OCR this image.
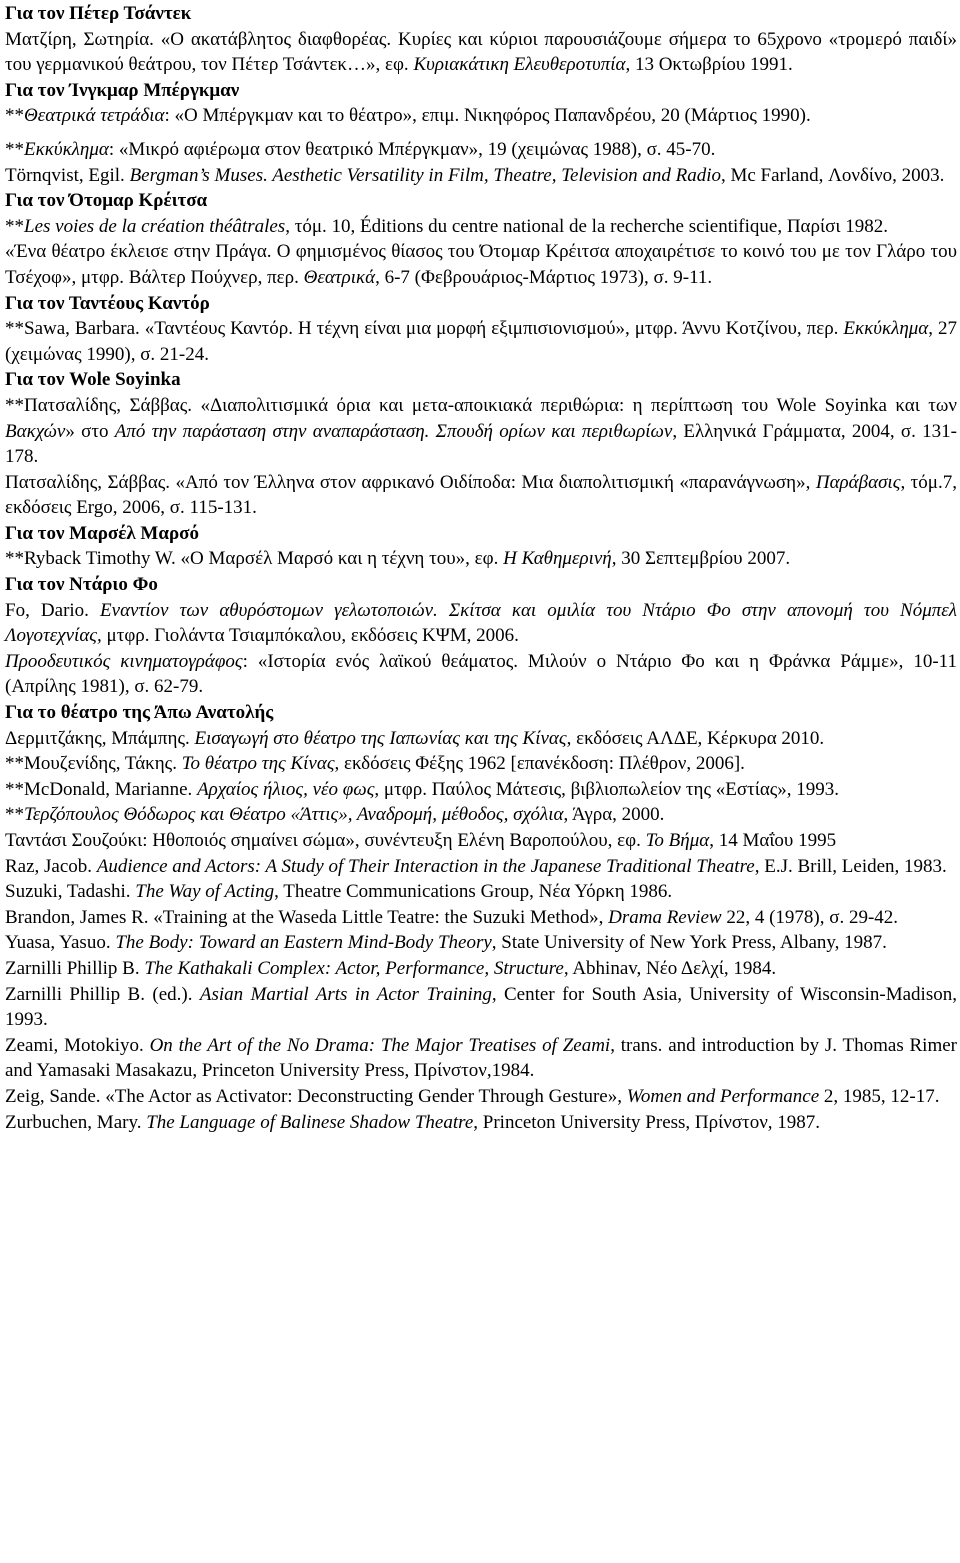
Για τον Πέτερ Τσάντεκ

Ματζίρη, Σωτηρία. «Ο ακατάβλητος διαφθορέας. Κυρίες και κύριοι παρουσιάζουμε σήμερα το 65χρονο «τρομερό παιδί» του γερμανικού θεάτρου, τον Πέτερ Τσάντεκ…», εφ. Κυριακάτικη Ελευθεροτυπία, 13 Οκτωβρίου 1991.

Για τον Ίνγκμαρ Μπέργκμαν

**Θεατρικά τετράδια: «Ο Μπέργκμαν και το θέατρο», επιμ. Νικηφόρος Παπανδρέου, 20 (Μάρτιος 1990).

**Εκκύκλημα: «Μικρό αφιέρωμα στον θεατρικό Μπέργκμαν», 19 (χειμώνας 1988), σ. 45-70.

Törnqvist, Egil. Bergman’s Muses. Aesthetic Versatility in Film, Theatre, Television and Radio, Mc Farland, Λονδίνο, 2003.

Για τον Ότομαρ Κρέιτσα

**Les voies de la création théâtrales, τόμ. 10, Éditions du centre national de la recherche scientifique, Παρίσι 1982.

«Ένα θέατρο έκλεισε στην Πράγα. Ο φημισμένος θίασος του Ότομαρ Κρέιτσα αποχαιρέτισε το κοινό του με τον Γλάρο του Τσέχοφ», μτφρ. Βάλτερ Πούχνερ, περ. Θεατρικά, 6-7 (Φεβρουάριος-Μάρτιος 1973), σ. 9-11.

Για τον Ταντέους Καντόρ

**Sawa, Barbara. «Ταντέους Καντόρ. Η τέχνη είναι μια μορφή εξιμπισιονισμού», μτφρ. Άννυ Κοτζίνου, περ. Εκκύκλημα, 27 (χειμώνας 1990), σ. 21-24.

Για τον Wole Soyinka

**Πατσαλίδης, Σάββας. «Διαπολιτισμικά όρια και μετα-αποικιακά περιθώρια: η περίπτωση του Wole Soyinka και των Βακχών» στο Από την παράσταση στην αναπαράσταση. Σπουδή ορίων και περιθωρίων, Ελληνικά Γράμματα, 2004, σ. 131-178.

Πατσαλίδης, Σάββας. «Από τον Έλληνα στον αφρικανό Οιδίποδα: Μια διαπολιτισμική «παρανάγνωση», Παράβασις, τόμ.7, εκδόσεις Ergo, 2006, σ. 115-131.

Για τον Μαρσέλ Μαρσό

**Ryback Timothy W. «Ο Μαρσέλ Μαρσό και η τέχνη του», εφ. Η Καθημερινή, 30 Σεπτεμβρίου 2007.

Για τον Ντάριο Φο

Fo, Dario. Εναντίον των αθυρόστομων γελωτοποιών. Σκίτσα και ομιλία του Ντάριο Φο στην απονομή του Νόμπελ Λογοτεχνίας, μτφρ. Γιολάντα Τσιαμπόκαλου, εκδόσεις ΚΨΜ, 2006.

Προοδευτικός κινηματογράφος: «Ιστορία ενός λαϊκού θεάματος. Μιλούν ο Ντάριο Φο και η Φράνκα Ράμμε», 10-11 (Απρίλης 1981), σ. 62-79.

Για το θέατρο της Άπω Ανατολής

Δερμιτζάκης, Μπάμπης. Εισαγωγή στο θέατρο της Ιαπωνίας και της Κίνας, εκδόσεις ΑΛΔΕ, Κέρκυρα 2010.

**Μουζενίδης, Τάκης. Το θέατρο της Κίνας, εκδόσεις Φέξης 1962 [επανέκδοση: Πλέθρον, 2006].

**McDonald, Marianne. Αρχαίος ήλιος, νέο φως, μτφρ. Παύλος Μάτεσις, βιβλιοπωλείον της «Εστίας», 1993.

**Τερζόπουλος Θόδωρος και Θέατρο «Άττις», Αναδρομή, μέθοδος, σχόλια, Άγρα, 2000.

Ταντάσι Σουζούκι: Ηθοποιός σημαίνει σώμα», συνέντευξη Ελένη Βαροπούλου, εφ. Το Βήμα, 14 Μαΐου 1995

Raz, Jacob. Audience and Actors: A Study of Their Interaction in the Japanese Traditional Theatre, E.J. Brill, Leiden, 1983.

Suzuki, Tadashi. The Way of Acting, Theatre Communications Group, Νέα Υόρκη 1986.

Brandon, James R. «Training at the Waseda Little Teatre: the Suzuki Method», Drama Review 22, 4 (1978), σ. 29-42.

Yuasa, Yasuo. The Body: Toward an Eastern Mind-Body Theory, State University of New York Press, Albany, 1987.

Zarnilli Phillip B. The Kathakali Complex: Actor, Performance, Structure, Abhinav, Νέο Δελχί, 1984.

Zarnilli Phillip B. (ed.). Asian Martial Arts in Actor Training, Center for South Asia, University of Wisconsin-Madison, 1993.

Zeami, Motokiyo. On the Art of the No Drama: The Major Treatises of Zeami, trans. and introduction by J. Thomas Rimer and Yamasaki Masakazu, Princeton University Press, Πρίνστον,1984.

Zeig, Sande. «The Actor as Activator: Deconstructing Gender Through Gesture», Women and Performance 2, 1985, 12-17.

Zurbuchen, Mary. The Language of Balinese Shadow Theatre, Princeton University Press, Πρίνστον, 1987.
